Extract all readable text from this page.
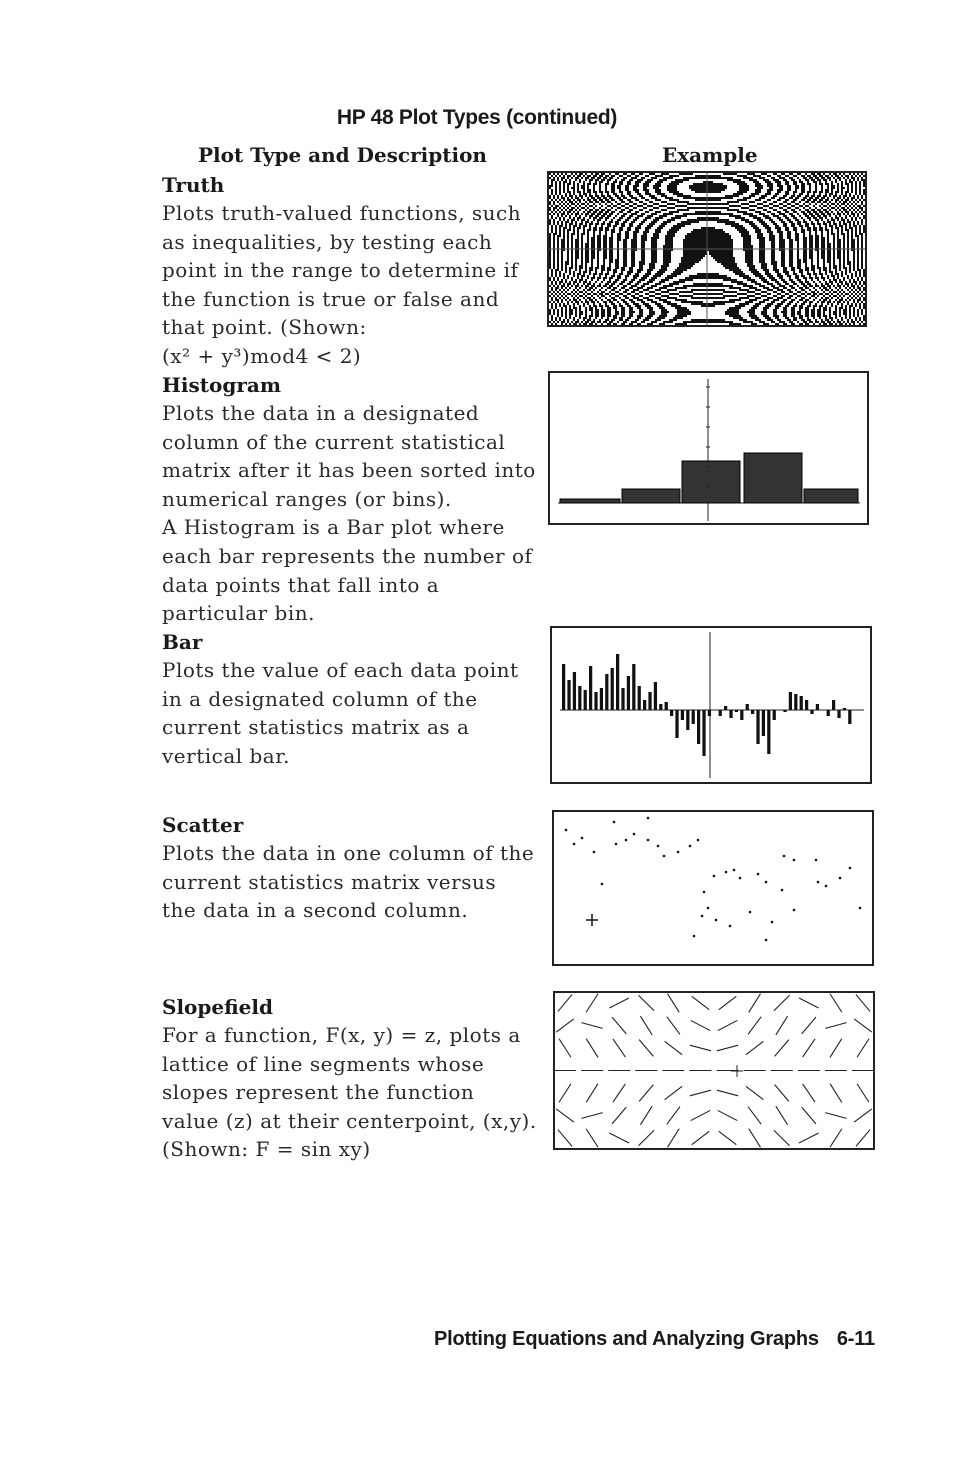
HP 48 Plot Types (continued)
Plot Type and Description	Example
Truth
Plots truth-valued functions, such as inequalities, by testing each point in the range to determine if the function is true or false and that point. (Shown:
(x² + y³)mod4 < 2)
Histogram
Plots the data in a designated column of the current statistical matrix after it has been sorted into numerical ranges (or bins).
A Histogram is a Bar plot where each bar represents the number of data points that fall into a particular bin.
Bar
Plots the value of each data point in a designated column of the current statistics matrix as a vertical bar.
Scatter
Plots the data in one column of the current statistics matrix versus the data in a second column.
Slopefield
For a function, F(x, y) = z, plots a lattice of line segments whose slopes represent the function value (z) at their centerpoint, (x,y). (Shown: F = sin xy)
Plotting Equations and Analyzing Graphs 6-11
